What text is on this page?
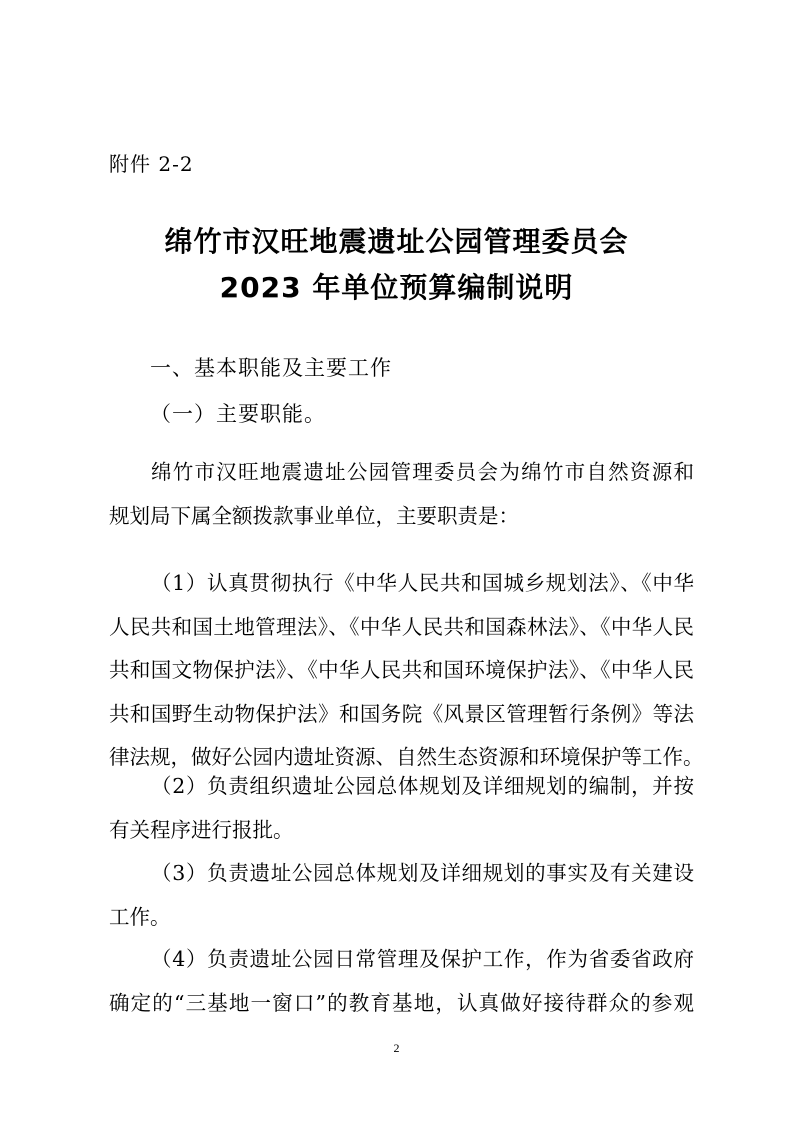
附件 2-2
绵竹市汉旺地震遗址公园管理委员会
2023 年单位预算编制说明
一、基本职能及主要工作
（一）主要职能。
绵竹市汉旺地震遗址公园管理委员会为绵竹市自然资源和
规划局下属全额拨款事业单位，主要职责是：
（1）认真贯彻执行《中华人民共和国城乡规划法》、《中华
人民共和国土地管理法》、《中华人民共和国森林法》、《中华人民
共和国文物保护法》、《中华人民共和国环境保护法》、《中华人民
共和国野生动物保护法》和国务院《风景区管理暂行条例》等法
律法规，做好公园内遗址资源、自然生态资源和环境保护等工作。
（2）负责组织遗址公园总体规划及详细规划的编制，并按
有关程序进行报批。
（3）负责遗址公园总体规划及详细规划的事实及有关建设
工作。
（4）负责遗址公园日常管理及保护工作，作为省委省政府
确定的“三基地一窗口”的教育基地，认真做好接待群众的参观
2
